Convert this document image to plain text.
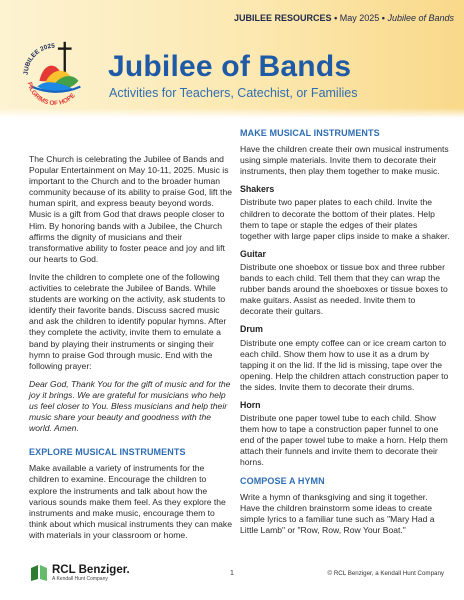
JUBILEE RESOURCES • May 2025 • Jubilee of Bands
JUBILEE 2025
PILGRIMS OF HOPE
Jubilee of Bands
Activities for Teachers, Catechist, or Families

The Church is celebrating the Jubilee of Bands and Popular Entertainment on May 10-11, 2025. Music is important to the Church and to the broader human community because of its ability to praise God, lift the human spirit, and express beauty beyond words. Music is a gift from God that draws people closer to Him. By honoring bands with a Jubilee, the Church affirms the dignity of musicians and their transformative ability to foster peace and joy and lift our hearts to God.

Invite the children to complete one of the following activities to celebrate the Jubilee of Bands. While students are working on the activity, ask students to identify their favorite bands. Discuss sacred music and ask the children to identify popular hymns. After they complete the activity, invite them to emulate a band by playing their instruments or singing their hymn to praise God through music. End with the following prayer:

Dear God, Thank You for the gift of music and for the joy it brings. We are grateful for musicians who help us feel closer to You. Bless musicians and help their music share your beauty and goodness with the world. Amen.

EXPLORE MUSICAL INSTRUMENTS

Make available a variety of instruments for the children to examine. Encourage the children to explore the instruments and talk about how the various sounds make them feel. As they explore the instruments and make music, encourage them to think about which musical instruments they can make with materials in your classroom or home.

MAKE MUSICAL INSTRUMENTS

Have the children create their own musical instruments using simple materials. Invite them to decorate their instruments, then play them together to make music.

Shakers

Distribute two paper plates to each child. Invite the children to decorate the bottom of their plates. Help them to tape or staple the edges of their plates together with large paper clips inside to make a shaker.

Guitar

Distribute one shoebox or tissue box and three rubber bands to each child. Tell them that they can wrap the rubber bands around the shoeboxes or tissue boxes to make guitars. Assist as needed. Invite them to decorate their guitars.

Drum

Distribute one empty coffee can or ice cream carton to each child. Show them how to use it as a drum by tapping it on the lid. If the lid is missing, tape over the opening. Help the children attach construction paper to the sides. Invite them to decorate their drums.

Horn

Distribute one paper towel tube to each child. Show them how to tape a construction paper funnel to one end of the paper towel tube to make a horn. Help them attach their funnels and invite them to decorate their horns.

COMPOSE A HYMN

Write a hymn of thanksgiving and sing it together. Have the children brainstorm some ideas to create simple lyrics to a familiar tune such as "Mary Had a Little Lamb" or "Row, Row, Row Your Boat."

RCL Benziger.
A Kendall Hunt Company
1	© RCL Benziger, a Kendall Hunt Company
